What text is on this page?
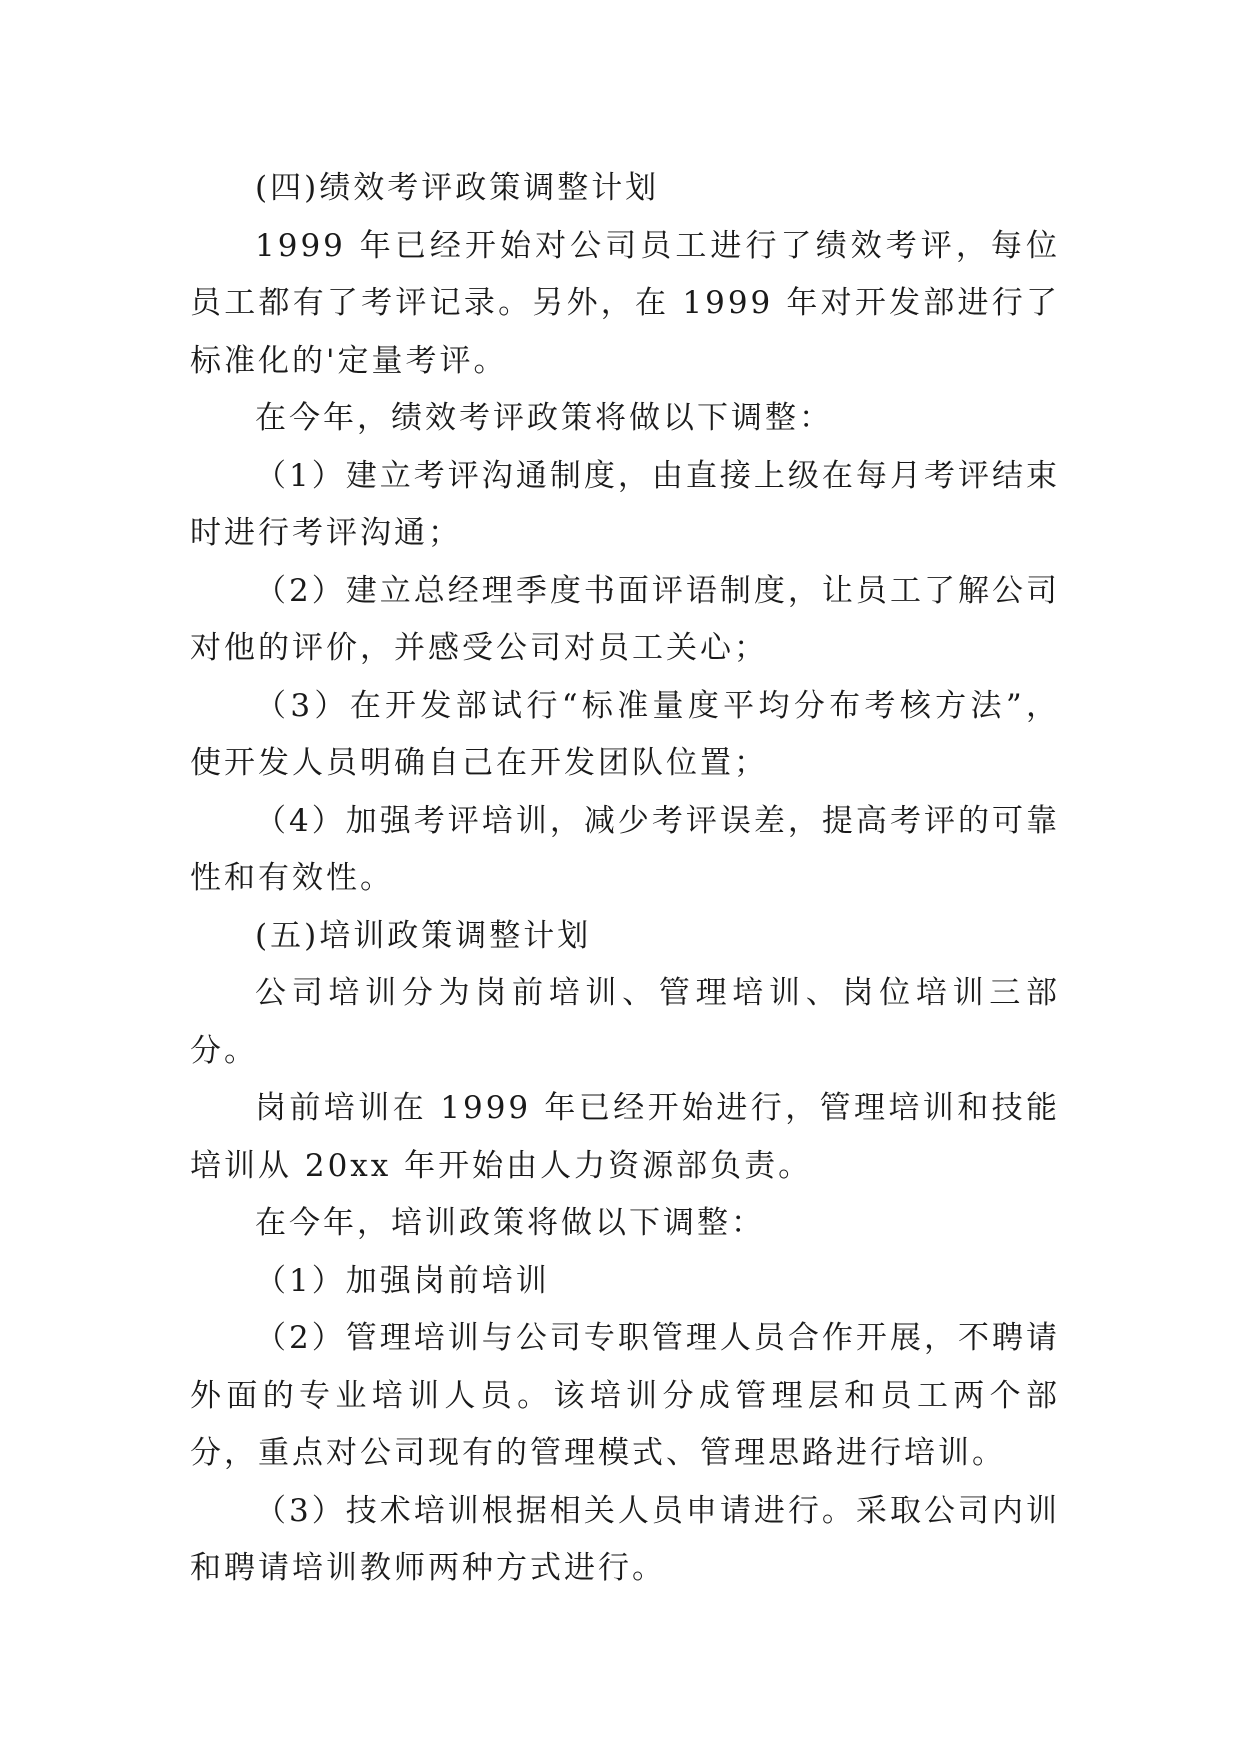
(四)绩效考评政策调整计划

1999 年已经开始对公司员工进行了绩效考评，每位员工都有了考评记录。另外，在 1999 年对开发部进行了标准化的'定量考评。

在今年，绩效考评政策将做以下调整：

（1）建立考评沟通制度，由直接上级在每月考评结束时进行考评沟通；

（2）建立总经理季度书面评语制度，让员工了解公司对他的评价，并感受公司对员工关心；

（3）在开发部试行“标准量度平均分布考核方法”，使开发人员明确自己在开发团队位置；

（4）加强考评培训，减少考评误差，提高考评的可靠性和有效性。

(五)培训政策调整计划

公司培训分为岗前培训、管理培训、岗位培训三部分。

岗前培训在 1999 年已经开始进行，管理培训和技能培训从 20xx 年开始由人力资源部负责。

在今年，培训政策将做以下调整：

（1）加强岗前培训

（2）管理培训与公司专职管理人员合作开展，不聘请外面的专业培训人员。该培训分成管理层和员工两个部分，重点对公司现有的管理模式、管理思路进行培训。

（3）技术培训根据相关人员申请进行。采取公司内训和聘请培训教师两种方式进行。
